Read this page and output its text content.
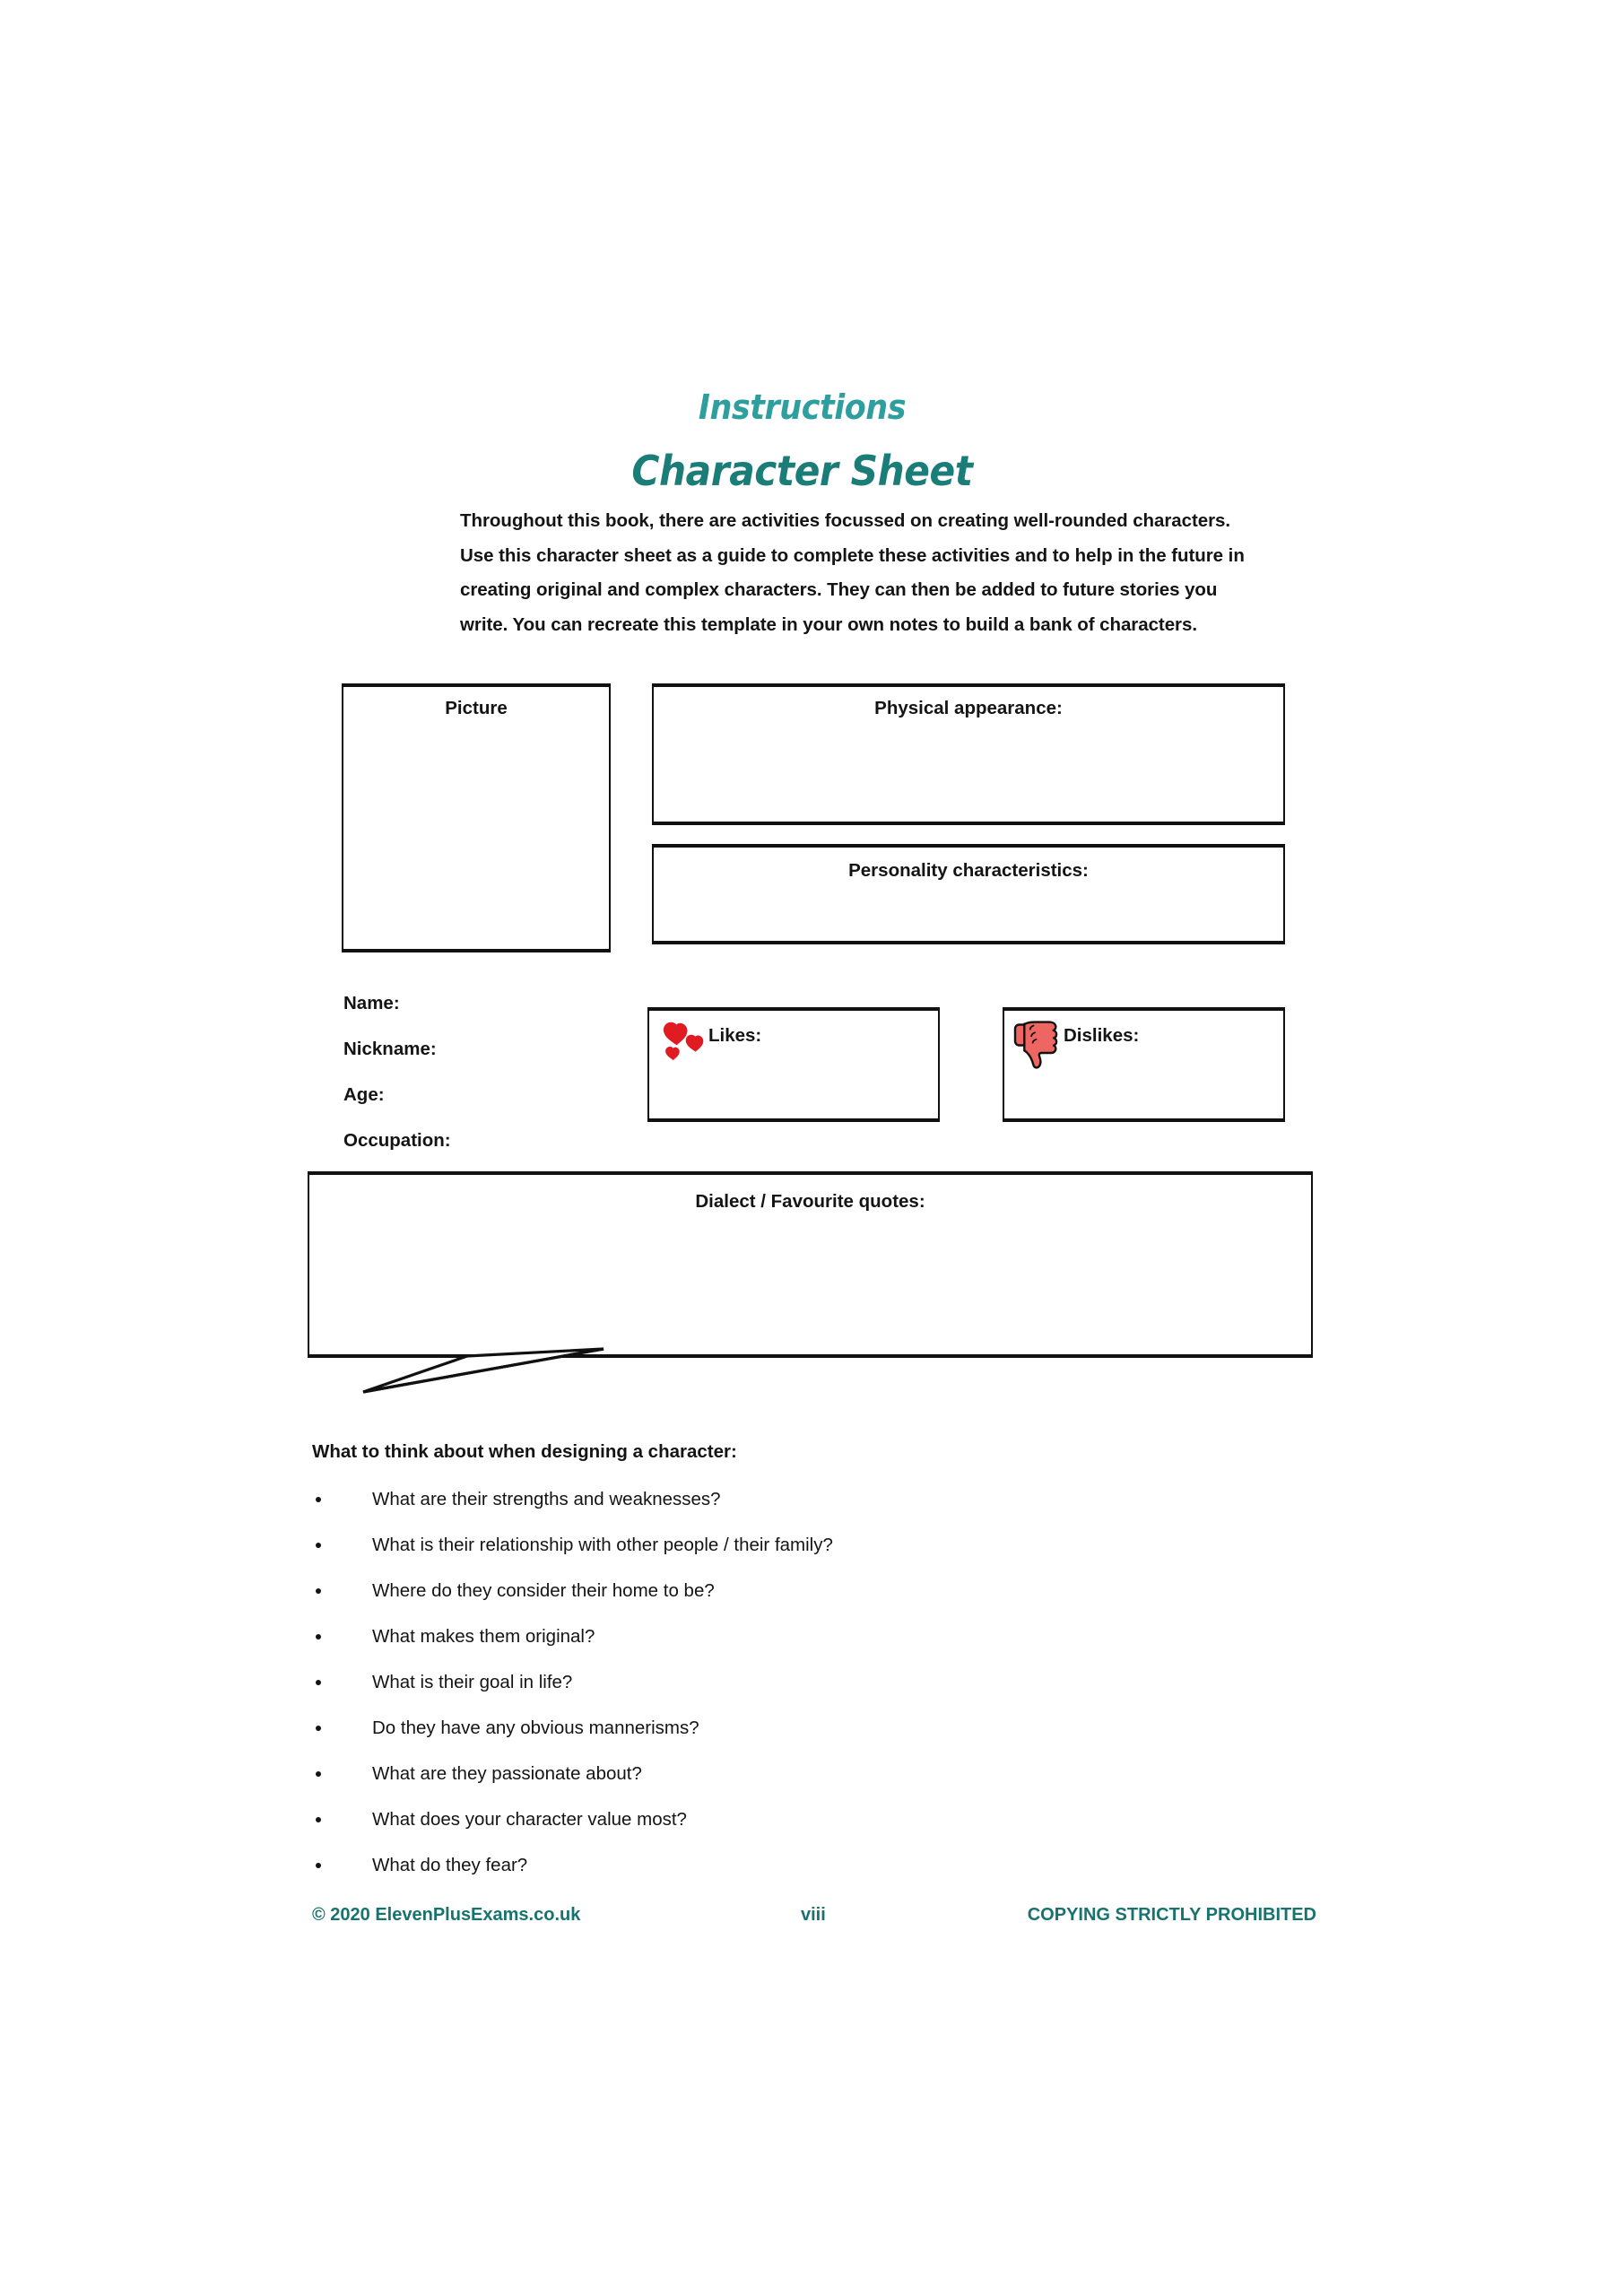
Instructions
Character Sheet
Throughout this book, there are activities focussed on creating well-rounded characters. Use this character sheet as a guide to complete these activities and to help in the future in creating original and complex characters. They can then be added to future stories you write. You can recreate this template in your own notes to build a bank of characters.
Picture	Physical appearance:
Personality characteristics:
Likes:	Dislikes:
Name:
Nickname:
Age:
Occupation:
Dialect / Favourite quotes:
What to think about when designing a character:
What are their strengths and weaknesses?
What is their relationship with other people / their family?
Where do they consider their home to be?
What makes them original?
What is their goal in life?
Do they have any obvious mannerisms?
What are they passionate about?
What does your character value most?
What do they fear?
© 2020 ElevenPlusExams.co.uk	viii	COPYING STRICTLY PROHIBITED
